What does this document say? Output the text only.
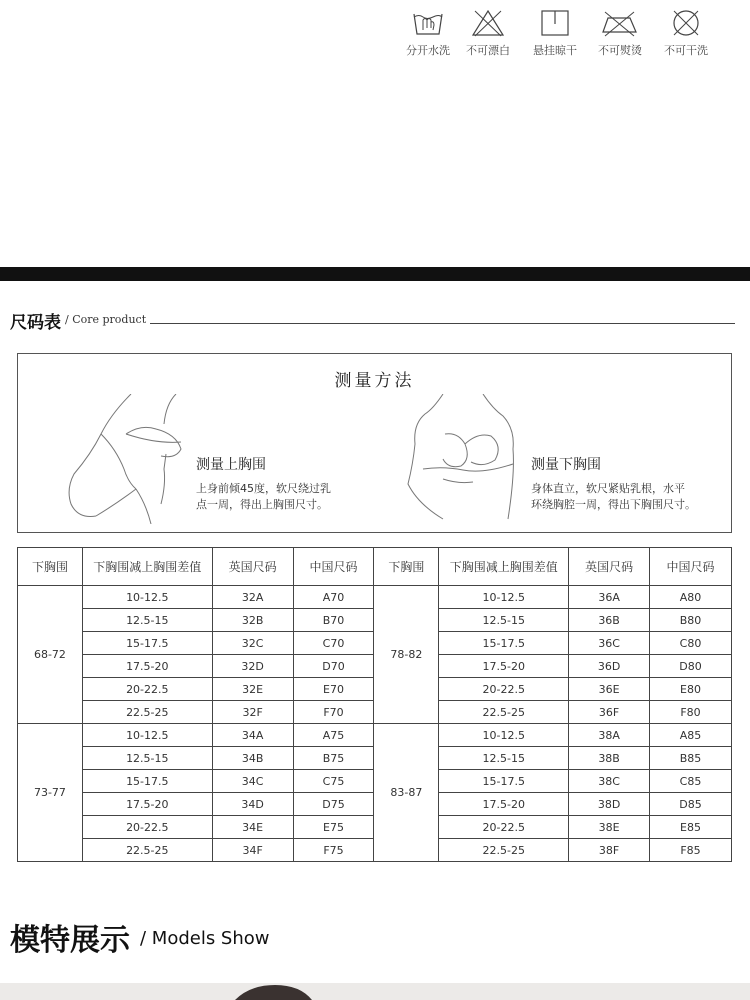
分开水洗	不可漂白	悬挂晾干	不可熨烫	不可干洗
尺码表 / Core product
测量方法
测量上胸围
上身前倾45度，软尺绕过乳
点一周，得出上胸围尺寸。
测量下胸围
身体直立，软尺紧贴乳根，水平
环绕胸腔一周，得出下胸围尺寸。
下胸围	下胸围减上胸围差值	英国尺码	中国尺码	下胸围	下胸围减上胸围差值	英国尺码	中国尺码
68-72	10-12.5	32A	A70	78-82	10-12.5	36A	A80
	12.5-15	32B	B70		12.5-15	36B	B80
	15-17.5	32C	C70		15-17.5	36C	C80
	17.5-20	32D	D70		17.5-20	36D	D80
	20-22.5	32E	E70		20-22.5	36E	E80
	22.5-25	32F	F70		22.5-25	36F	F80
73-77	10-12.5	34A	A75	83-87	10-12.5	38A	A85
	12.5-15	34B	B75		12.5-15	38B	B85
	15-17.5	34C	C75		15-17.5	38C	C85
	17.5-20	34D	D75		17.5-20	38D	D85
	20-22.5	34E	E75		20-22.5	38E	E85
	22.5-25	34F	F75		22.5-25	38F	F85
模特展示 / Models Show
